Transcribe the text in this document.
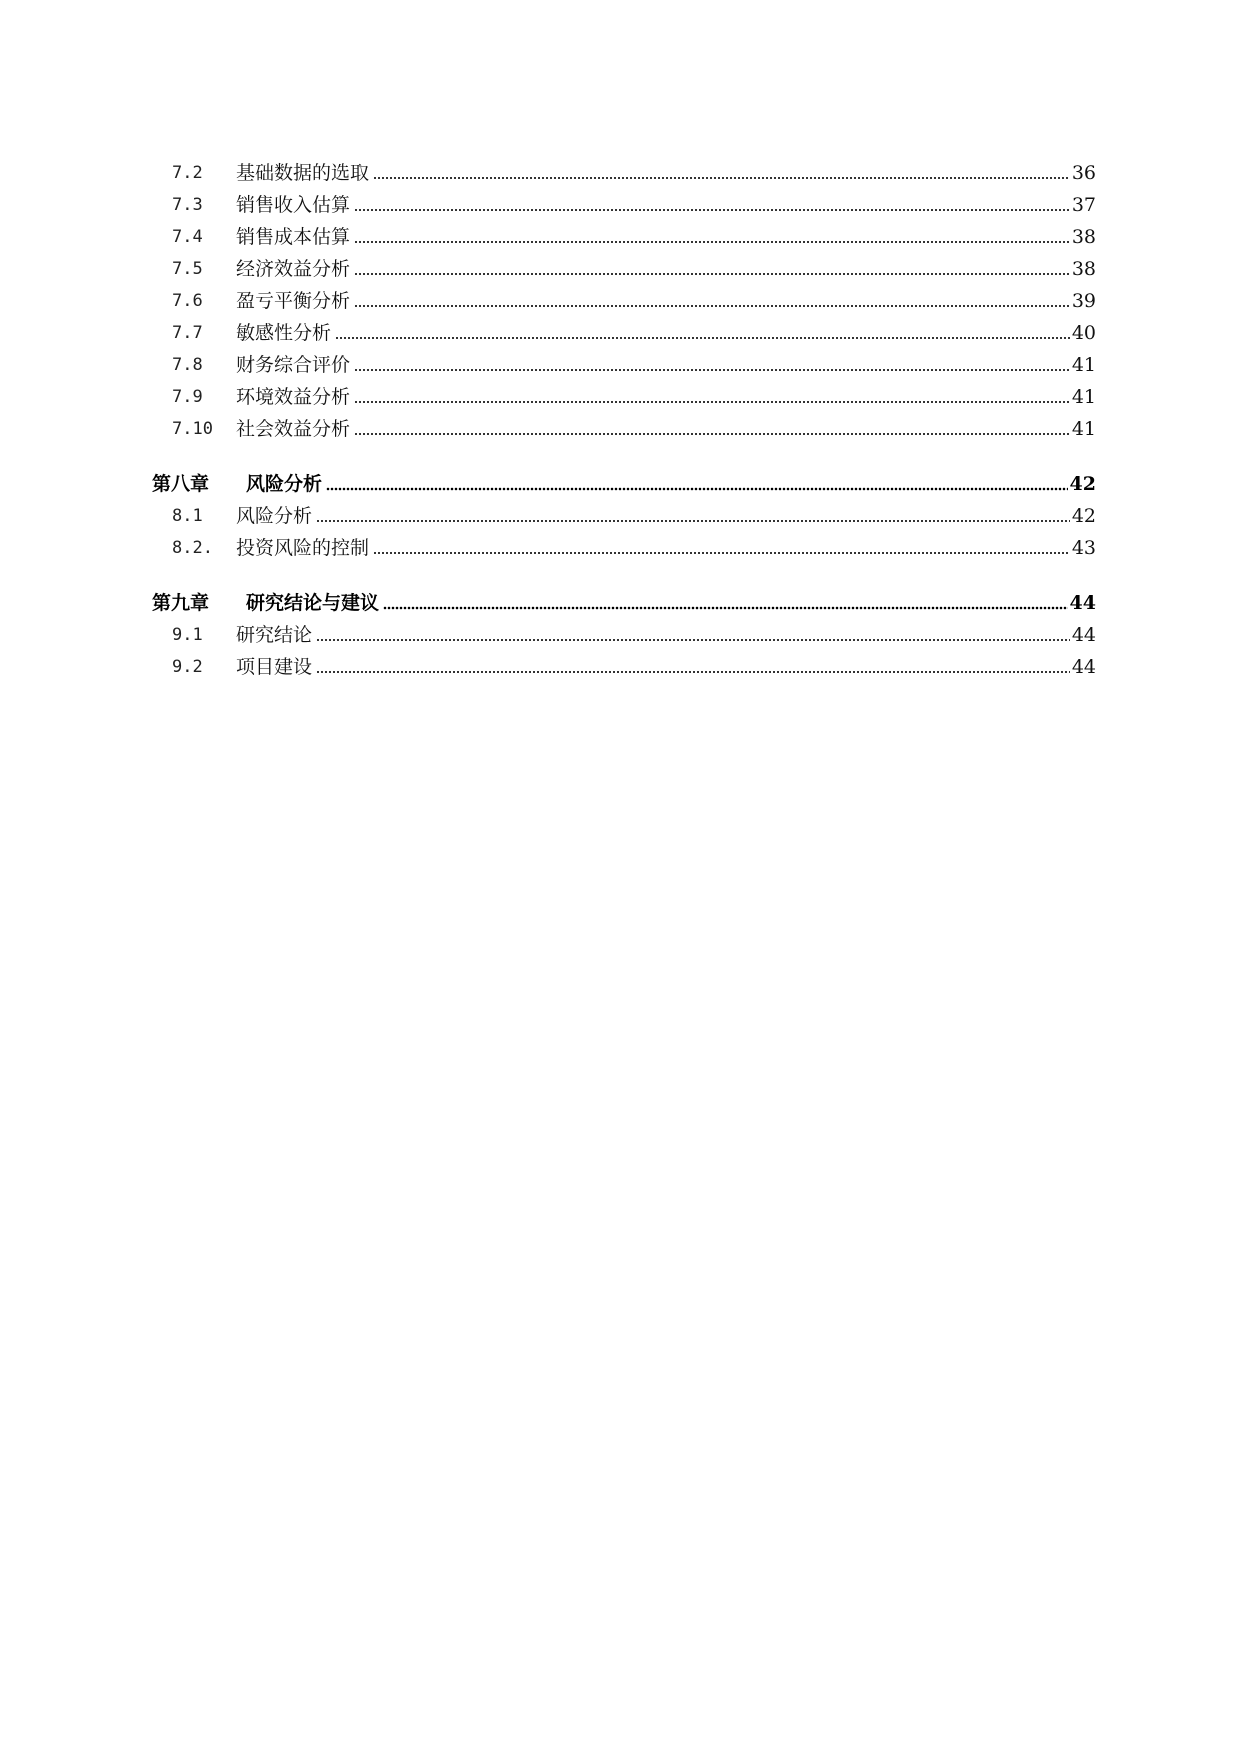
7.2	基础数据的选取	36
7.3	销售收入估算	37
7.4	销售成本估算	38
7.5	经济效益分析	38
7.6	盈亏平衡分析	39
7.7	敏感性分析	40
7.8	财务综合评价	41
7.9	环境效益分析	41
7.10	社会效益分析	41
第八章	风险分析	42
8.1	风险分析	42
8.2.	投资风险的控制	43
第九章	研究结论与建议	44
9.1	研究结论	44
9.2	项目建设	44
